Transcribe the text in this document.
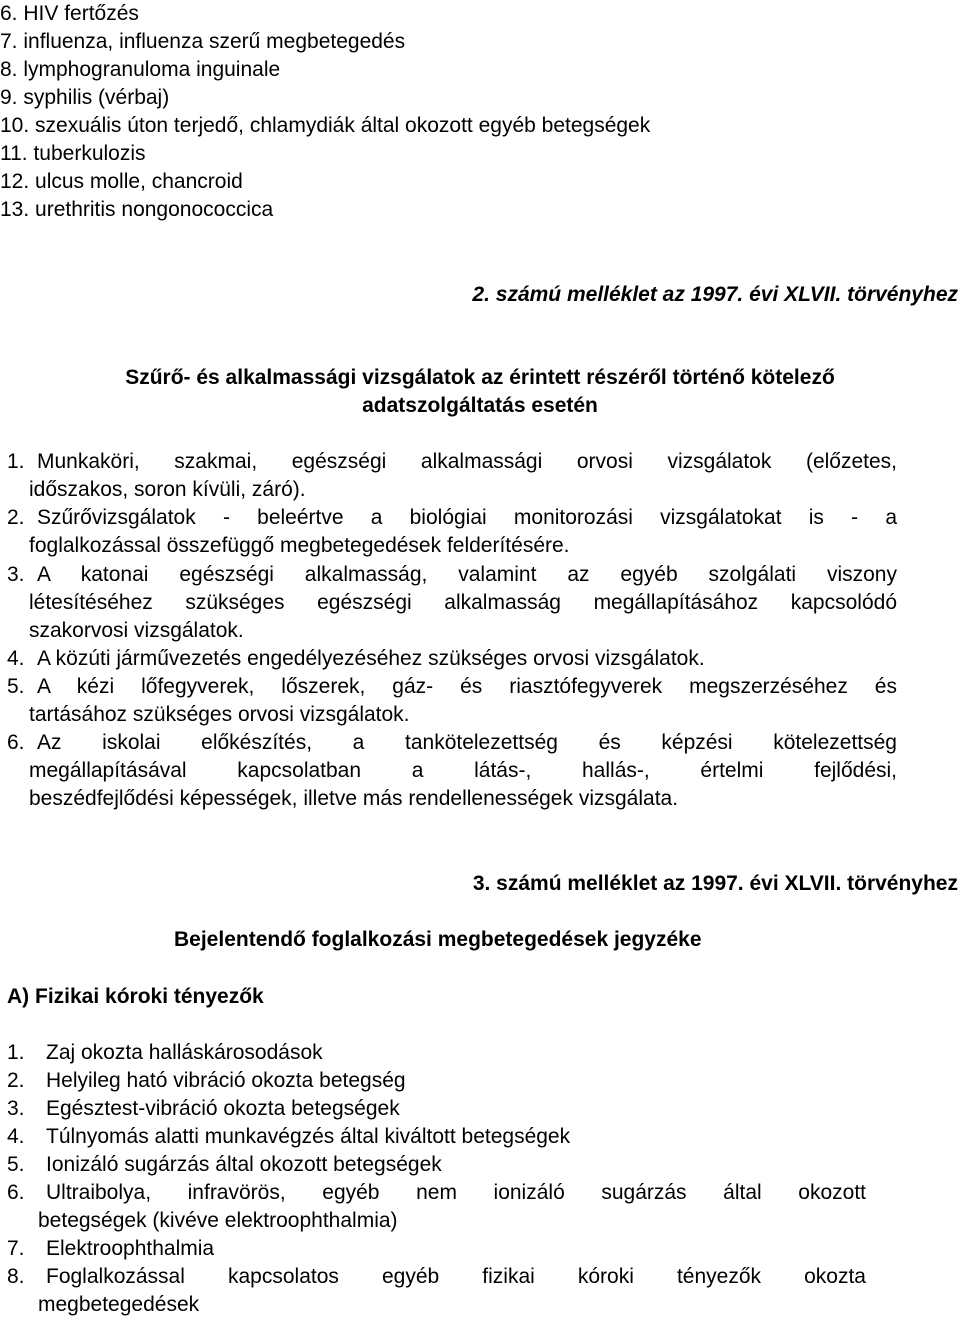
6. HIV fertőzés
7. influenza, influenza szerű megbetegedés
8. lymphogranuloma inguinale
9. syphilis (vérbaj)
10. szexuális úton terjedő, chlamydiák által okozott egyéb betegségek
11. tuberkulozis
12. ulcus molle, chancroid
13. urethritis nongonococcica
2. számú melléklet az 1997. évi XLVII. törvényhez
Szűrő- és alkalmassági vizsgálatok az érintett részéről történő kötelező
adatszolgáltatás esetén
1. Munkaköri, szakmai, egészségi alkalmassági orvosi vizsgálatok (előzetes,
időszakos, soron kívüli, záró).
2. Szűrővizsgálatok - beleértve a biológiai monitorozási vizsgálatokat is - a
foglalkozással összefüggő megbetegedések felderítésére.
3. A katonai egészségi alkalmasság, valamint az egyéb szolgálati viszony
létesítéséhez szükséges egészségi alkalmasság megállapításához kapcsolódó
szakorvosi vizsgálatok.
4. A közúti járművezetés engedélyezéséhez szükséges orvosi vizsgálatok.
5. A kézi lőfegyverek, lőszerek, gáz- és riasztófegyverek megszerzéséhez és
tartásához szükséges orvosi vizsgálatok.
6. Az iskolai előkészítés, a tankötelezettség és képzési kötelezettség
megállapításával kapcsolatban a látás-, hallás-, értelmi fejlődési,
beszédfejlődési képességek, illetve más rendellenességek vizsgálata.
3. számú melléklet az 1997. évi XLVII. törvényhez
Bejelentendő foglalkozási megbetegedések jegyzéke
A) Fizikai kóroki tényezők
1. Zaj okozta halláskárosodások
2. Helyileg ható vibráció okozta betegség
3. Egésztest-vibráció okozta betegségek
4. Túlnyomás alatti munkavégzés által kiváltott betegségek
5. Ionizáló sugárzás által okozott betegségek
6. Ultraibolya, infravörös, egyéb nem ionizáló sugárzás által okozott
betegségek (kivéve elektroophthalmia)
7. Elektroophthalmia
8. Foglalkozással kapcsolatos egyéb fizikai kóroki tényezők okozta
megbetegedések
